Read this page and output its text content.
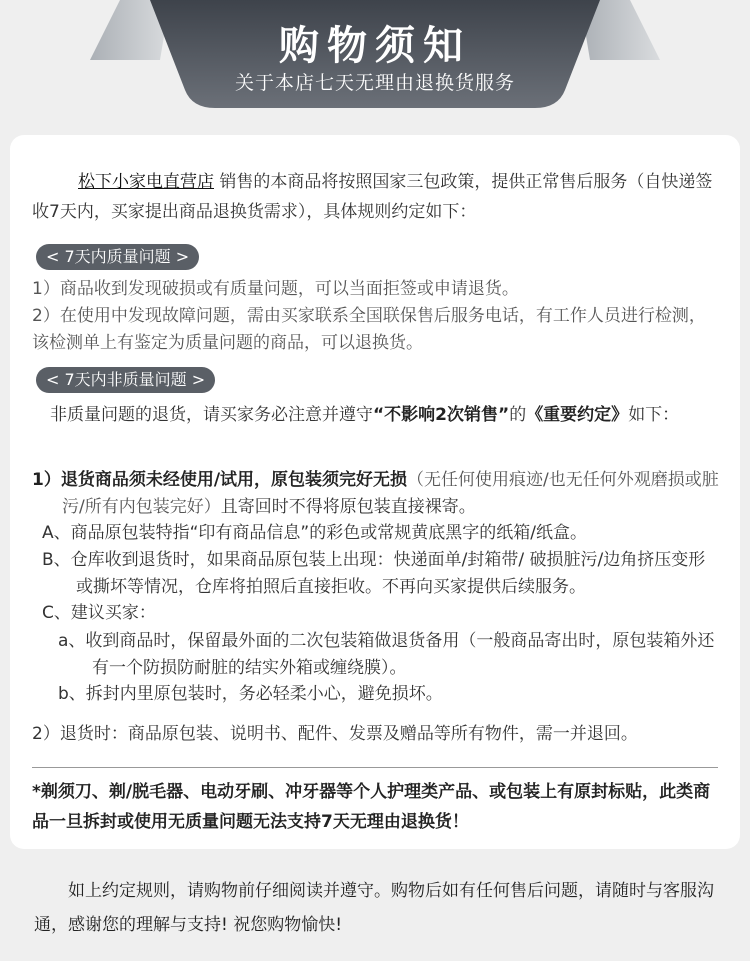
购物须知
关于本店七天无理由退换货服务
松下小家电直营店 销售的本商品将按照国家三包政策，提供正常售后服务（自快递签收7天内，买家提出商品退换货需求），具体规则约定如下：
< 7天内质量问题 >
1）商品收到发现破损或有质量问题，可以当面拒签或申请退货。
2）在使用中发现故障问题，需由买家联系全国联保售后服务电话，有工作人员进行检测，该检测单上有鉴定为质量问题的商品，可以退换货。
< 7天内非质量问题 >
非质量问题的退货，请买家务必注意并遵守“不影响2次销售”的《重要约定》如下：
1）退货商品须未经使用/试用，原包装须完好无损（无任何使用痕迹/也无任何外观磨损或脏污/所有内包装完好）且寄回时不得将原包装直接裸寄。
A、商品原包装特指“印有商品信息”的彩色或常规黄底黑字的纸箱/纸盒。
B、仓库收到退货时，如果商品原包装上出现：快递面单/封箱带/ 破损脏污/边角挤压变形或撕坏等情况，仓库将拍照后直接拒收。不再向买家提供后续服务。
C、建议买家：
a、收到商品时，保留最外面的二次包装箱做退货备用（一般商品寄出时，原包装箱外还有一个防损防耐脏的结实外箱或缠绕膜）。
b、拆封内里原包装时，务必轻柔小心，避免损坏。
2）退货时：商品原包装、说明书、配件、发票及赠品等所有物件，需一并退回。
*剃须刀、剃/脱毛器、电动牙刷、冲牙器等个人护理类产品、或包装上有原封标贴，此类商品一旦拆封或使用无质量问题无法支持7天无理由退换货！
如上约定规则，请购物前仔细阅读并遵守。购物后如有任何售后问题，请随时与客服沟通，感谢您的理解与支持! 祝您购物愉快!
